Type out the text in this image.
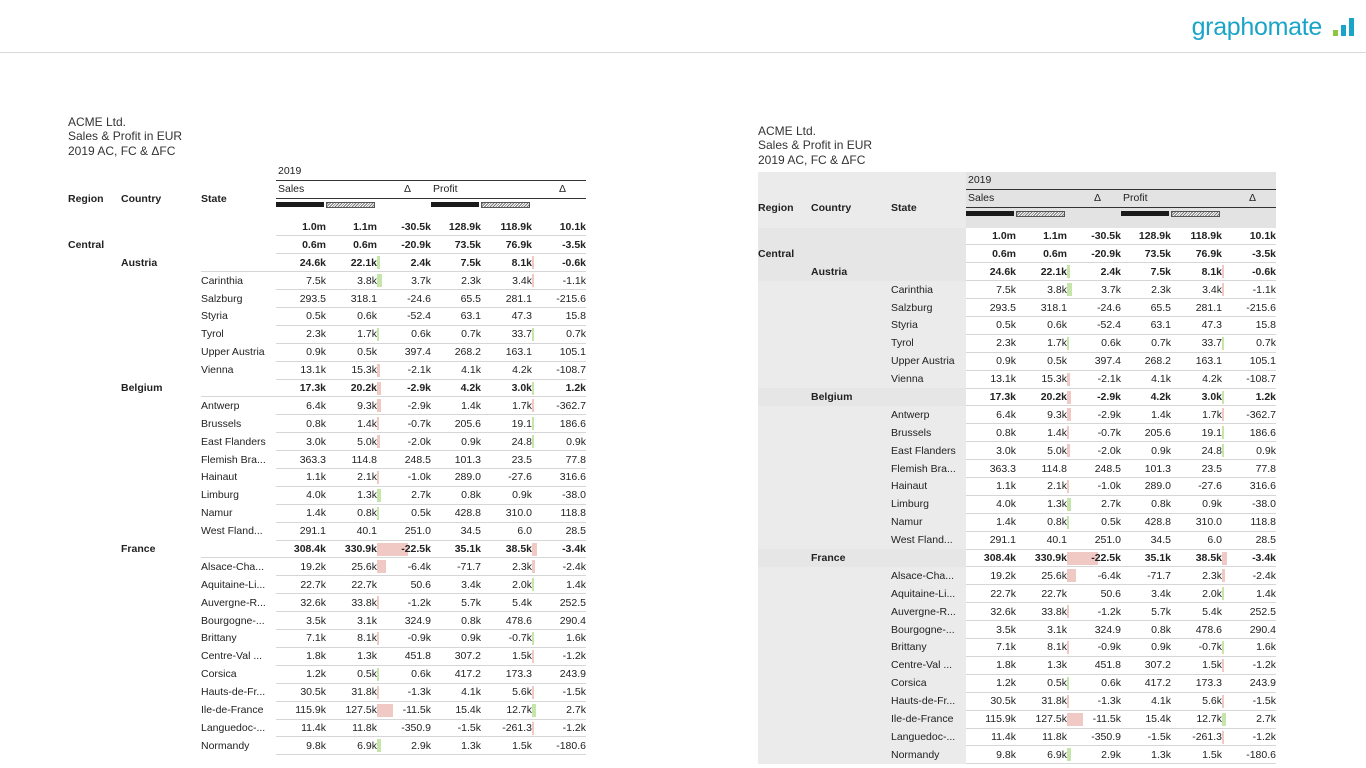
graphomate
ACME Ltd.
Sales & Profit in EUR
2019 AC, FC & ΔFC
			2019					
Region	Country	State	Sales		Δ	Profit		Δ

			1.0m	1.1m	-30.5k	128.9k	118.9k	10.1k
Central			0.6m	0.6m	-20.9k	73.5k	76.9k	-3.5k
	Austria		24.6k	22.1k	2.4k	7.5k	8.1k	-0.6k
		Carinthia	7.5k	3.8k	3.7k	2.3k	3.4k	-1.1k
		Salzburg	293.5	318.1	-24.6	65.5	281.1	-215.6
		Styria	0.5k	0.6k	-52.4	63.1	47.3	15.8
		Tyrol	2.3k	1.7k	0.6k	0.7k	33.7	0.7k
		Upper Austria	0.9k	0.5k	397.4	268.2	163.1	105.1
		Vienna	13.1k	15.3k	-2.1k	4.1k	4.2k	-108.7
	Belgium		17.3k	20.2k	-2.9k	4.2k	3.0k	1.2k
		Antwerp	6.4k	9.3k	-2.9k	1.4k	1.7k	-362.7
		Brussels	0.8k	1.4k	-0.7k	205.6	19.1	186.6
		East Flanders	3.0k	5.0k	-2.0k	0.9k	24.8	0.9k
		Flemish Bra...	363.3	114.8	248.5	101.3	23.5	77.8
		Hainaut	1.1k	2.1k	-1.0k	289.0	-27.6	316.6
		Limburg	4.0k	1.3k	2.7k	0.8k	0.9k	-38.0
		Namur	1.4k	0.8k	0.5k	428.8	310.0	118.8
		West Fland...	291.1	40.1	251.0	34.5	6.0	28.5
	France		308.4k	330.9k	-22.5k	35.1k	38.5k	-3.4k
		Alsace-Cha...	19.2k	25.6k	-6.4k	-71.7	2.3k	-2.4k
		Aquitaine-Li...	22.7k	22.7k	50.6	3.4k	2.0k	1.4k
		Auvergne-R...	32.6k	33.8k	-1.2k	5.7k	5.4k	252.5
		Bourgogne-...	3.5k	3.1k	324.9	0.8k	478.6	290.4
		Brittany	7.1k	8.1k	-0.9k	0.9k	-0.7k	1.6k
		Centre-Val ...	1.8k	1.3k	451.8	307.2	1.5k	-1.2k
		Corsica	1.2k	0.5k	0.6k	417.2	173.3	243.9
		Hauts-de-Fr...	30.5k	31.8k	-1.3k	4.1k	5.6k	-1.5k
		Ile-de-France	115.9k	127.5k	-11.5k	15.4k	12.7k	2.7k
		Languedoc-...	11.4k	11.8k	-350.9	-1.5k	-261.3	-1.2k
		Normandy	9.8k	6.9k	2.9k	1.3k	1.5k	-180.6
ACME Ltd.
Sales & Profit in EUR
2019 AC, FC & ΔFC
			2019					
Region	Country	State	Sales		Δ	Profit		Δ

			1.0m	1.1m	-30.5k	128.9k	118.9k	10.1k
Central			0.6m	0.6m	-20.9k	73.5k	76.9k	-3.5k
	Austria		24.6k	22.1k	2.4k	7.5k	8.1k	-0.6k
		Carinthia	7.5k	3.8k	3.7k	2.3k	3.4k	-1.1k
		Salzburg	293.5	318.1	-24.6	65.5	281.1	-215.6
		Styria	0.5k	0.6k	-52.4	63.1	47.3	15.8
		Tyrol	2.3k	1.7k	0.6k	0.7k	33.7	0.7k
		Upper Austria	0.9k	0.5k	397.4	268.2	163.1	105.1
		Vienna	13.1k	15.3k	-2.1k	4.1k	4.2k	-108.7
	Belgium		17.3k	20.2k	-2.9k	4.2k	3.0k	1.2k
		Antwerp	6.4k	9.3k	-2.9k	1.4k	1.7k	-362.7
		Brussels	0.8k	1.4k	-0.7k	205.6	19.1	186.6
		East Flanders	3.0k	5.0k	-2.0k	0.9k	24.8	0.9k
		Flemish Bra...	363.3	114.8	248.5	101.3	23.5	77.8
		Hainaut	1.1k	2.1k	-1.0k	289.0	-27.6	316.6
		Limburg	4.0k	1.3k	2.7k	0.8k	0.9k	-38.0
		Namur	1.4k	0.8k	0.5k	428.8	310.0	118.8
		West Fland...	291.1	40.1	251.0	34.5	6.0	28.5
	France		308.4k	330.9k	-22.5k	35.1k	38.5k	-3.4k
		Alsace-Cha...	19.2k	25.6k	-6.4k	-71.7	2.3k	-2.4k
		Aquitaine-Li...	22.7k	22.7k	50.6	3.4k	2.0k	1.4k
		Auvergne-R...	32.6k	33.8k	-1.2k	5.7k	5.4k	252.5
		Bourgogne-...	3.5k	3.1k	324.9	0.8k	478.6	290.4
		Brittany	7.1k	8.1k	-0.9k	0.9k	-0.7k	1.6k
		Centre-Val ...	1.8k	1.3k	451.8	307.2	1.5k	-1.2k
		Corsica	1.2k	0.5k	0.6k	417.2	173.3	243.9
		Hauts-de-Fr...	30.5k	31.8k	-1.3k	4.1k	5.6k	-1.5k
		Ile-de-France	115.9k	127.5k	-11.5k	15.4k	12.7k	2.7k
		Languedoc-...	11.4k	11.8k	-350.9	-1.5k	-261.3	-1.2k
		Normandy	9.8k	6.9k	2.9k	1.3k	1.5k	-180.6
